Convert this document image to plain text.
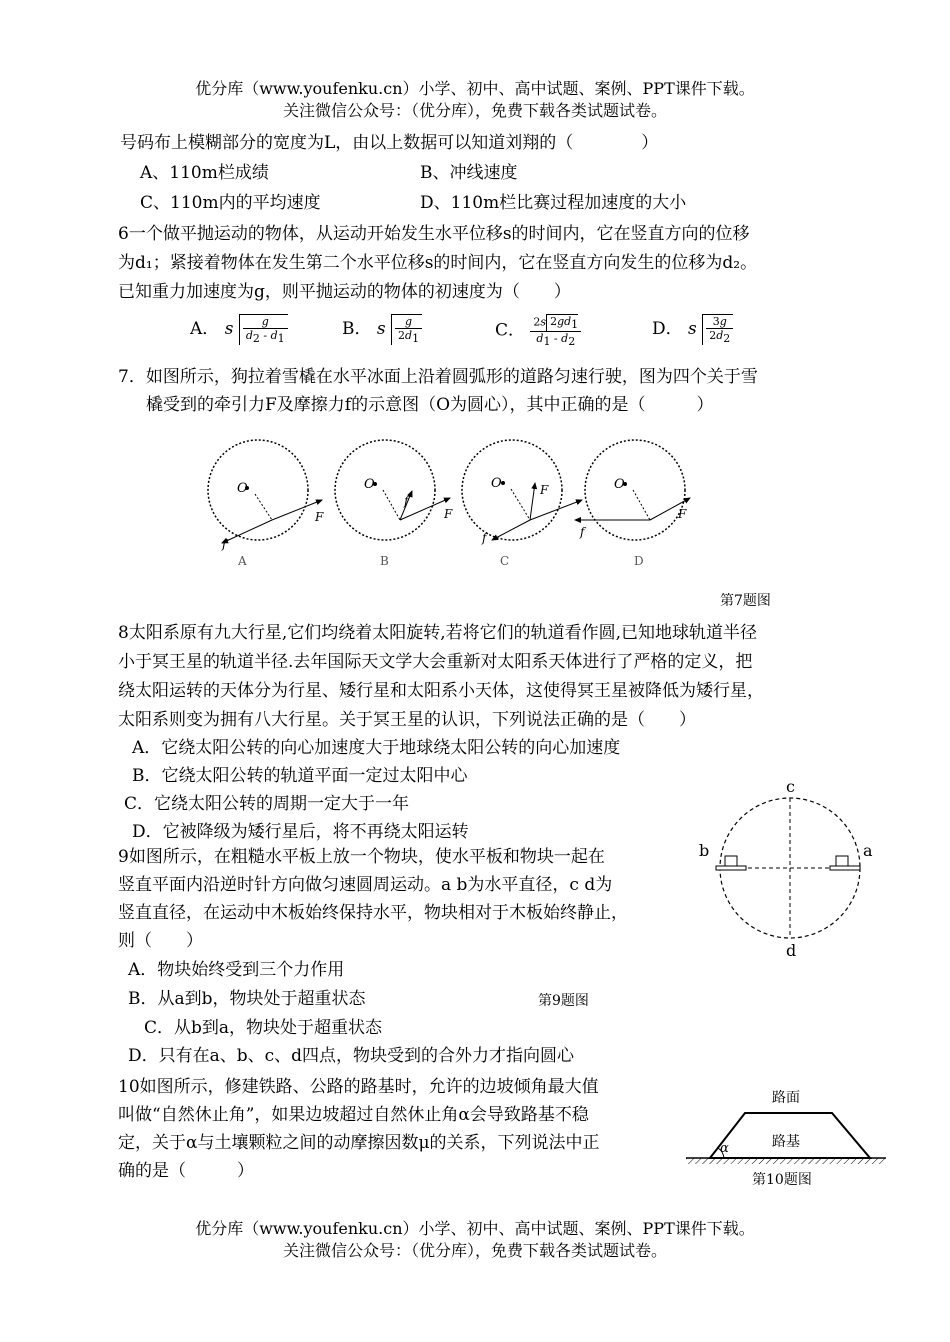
优分库（www.youfenku.cn）小学、初中、高中试题、案例、PPT课件下载。
关注微信公众号：（优分库），免费下载各类试题试卷。
号码布上模糊部分的宽度为L，由以上数据可以知道刘翔的（　　　　）
A、110m栏成绩	B、冲线速度
C、110m内的平均速度	D、110m栏比赛过程加速度的大小
6一个做平抛运动的物体，从运动开始发生水平位移s的时间内，它在竖直方向的位移
为d₁；紧接着物体在发生第二个水平位移s的时间内，它在竖直方向发生的位移为d₂。
已知重力加速度为g，则平抛运动的物体的初速度为（　　）
A． s $\frac{g}{d_2 - d_1}$	B． s $\frac{g}{2d_1}$	C． $\frac{2s 2gd_1}{d_1 - d_2}$	D． s $\frac{3g}{2d_2}$
7．如图所示，狗拉着雪橇在水平冰面上沿着圆弧形的道路匀速行驶，图为四个关于雪
橇受到的牵引力F及摩擦力f的示意图（O为圆心），其中正确的是（　　　）
O
F
f
A
O
F
f
B
O	F
f
C
O
F
f
D
第7题图
8太阳系原有九大行星,它们均绕着太阳旋转,若将它们的轨道看作圆,已知地球轨道半径
小于冥王星的轨道半径.去年国际天文学大会重新对太阳系天体进行了严格的定义，把
绕太阳运转的天体分为行星、矮行星和太阳系小天体，这使得冥王星被降低为矮行星，
太阳系则变为拥有八大行星。关于冥王星的认识，下列说法正确的是（　　）
A．它绕太阳公转的向心加速度大于地球绕太阳公转的向心加速度
B．它绕太阳公转的轨道平面一定过太阳中心
C．它绕太阳公转的周期一定大于一年
D．它被降级为矮行星后，将不再绕太阳运转
9如图所示，在粗糙水平板上放一个物块，使水平板和物块一起在
竖直平面内沿逆时针方向做匀速圆周运动。a b为水平直径，c d为
竖直直径，在运动中木板始终保持水平，物块相对于木板始终静止，
则（　　）
A．物块始终受到三个力作用
B．从a到b，物块处于超重状态
C．从b到a，物块处于超重状态
D．只有在a、b、c、d四点，物块受到的合外力才指向圆心
第9题图
c
d
b	a
10如图所示，修建铁路、公路的路基时，允许的边坡倾角最大值
叫做“自然休止角”，如果边坡超过自然休止角α会导致路基不稳
定，关于α与土壤颗粒之间的动摩擦因数μ的关系，下列说法中正
确的是（　　　）
α
路面
路基
第10题图
优分库（www.youfenku.cn）小学、初中、高中试题、案例、PPT课件下载。
关注微信公众号：（优分库），免费下载各类试题试卷。
